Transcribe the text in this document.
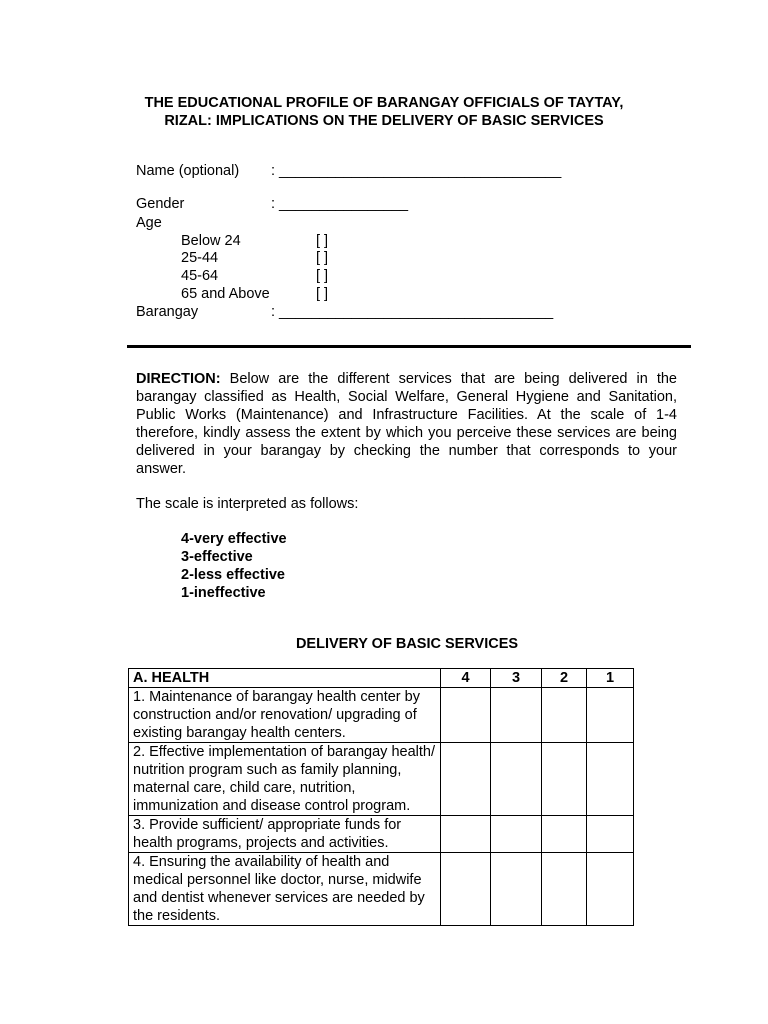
THE EDUCATIONAL PROFILE OF BARANGAY OFFICIALS OF TAYTAY,
RIZAL: IMPLICATIONS ON THE DELIVERY OF BASIC SERVICES
Name (optional) : ___________________________________
Gender	: ________________
Age
Below 24	[ ]
25-44	[ ]
45-64	[ ]
65 and Above	[ ]
Barangay	: __________________________________
DIRECTION: Below are the different services that are being delivered in the barangay classified as Health, Social Welfare, General Hygiene and Sanitation, Public Works (Maintenance) and Infrastructure Facilities. At the scale of 1-4 therefore, kindly assess the extent by which you perceive these services are being delivered in your barangay by checking the number that corresponds to your answer.
The scale is interpreted as follows:
4-very effective
3-effective
2-less effective
1-ineffective
DELIVERY OF BASIC SERVICES
A. HEALTH	4	3	2	1
1. Maintenance of barangay health center by construction and/or renovation/ upgrading of existing barangay health centers.				
2. Effective implementation of barangay health/ nutrition program such as family planning, maternal care, child care, nutrition, immunization and disease control program.				
3. Provide sufficient/ appropriate funds for health programs, projects and activities.				
4. Ensuring the availability of health and medical personnel like doctor, nurse, midwife and dentist whenever services are needed by the residents.				
